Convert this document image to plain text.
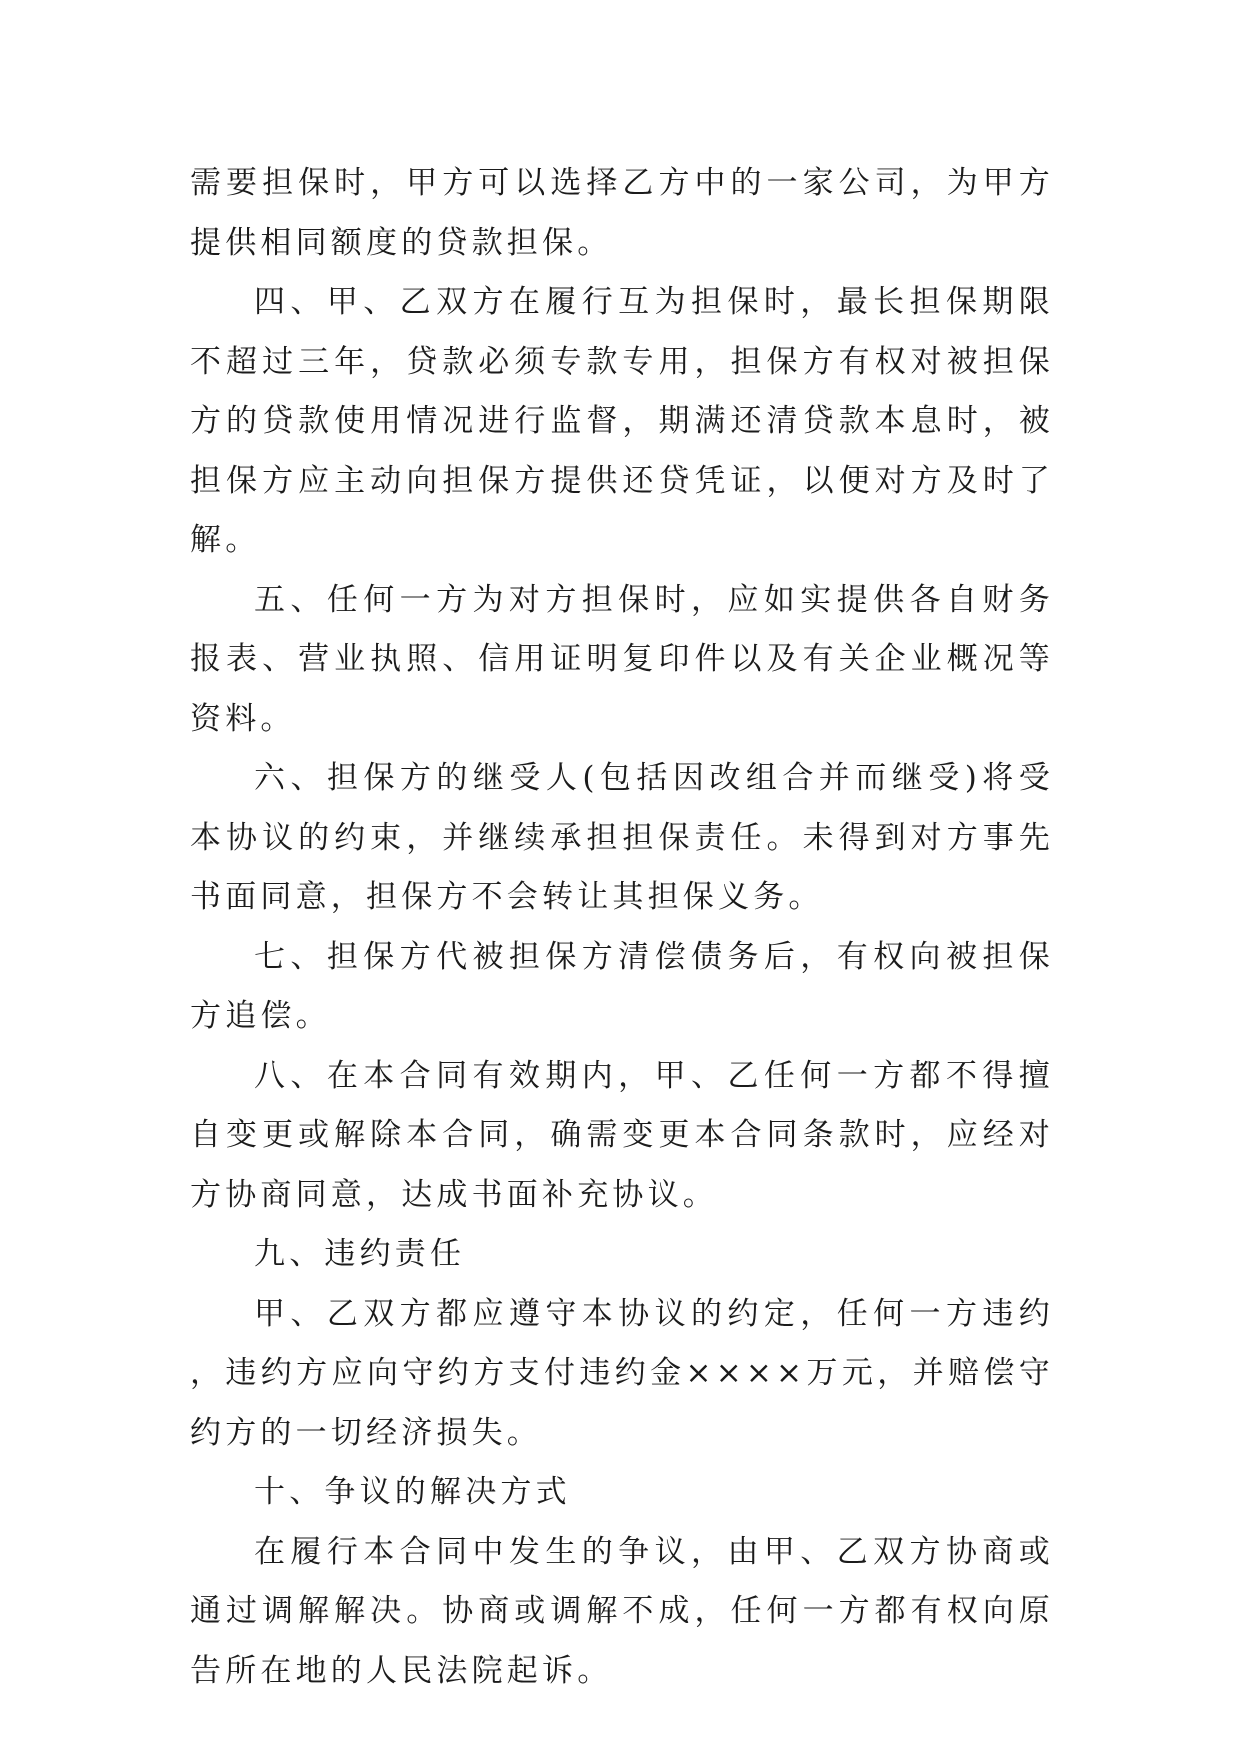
需要担保时，甲方可以选择乙方中的一家公司，为甲方提供相同额度的贷款担保。

四、甲、乙双方在履行互为担保时，最长担保期限不超过三年，贷款必须专款专用，担保方有权对被担保方的贷款使用情况进行监督，期满还清贷款本息时，被担保方应主动向担保方提供还贷凭证，以便对方及时了解。

五、任何一方为对方担保时，应如实提供各自财务报表、营业执照、信用证明复印件以及有关企业概况等资料。

六、担保方的继受人(包括因改组合并而继受)将受本协议的约束，并继续承担担保责任。未得到对方事先书面同意，担保方不会转让其担保义务。

七、担保方代被担保方清偿债务后，有权向被担保方追偿。

八、在本合同有效期内，甲、乙任何一方都不得擅自变更或解除本合同，确需变更本合同条款时，应经对方协商同意，达成书面补充协议。

九、违约责任

甲、乙双方都应遵守本协议的约定，任何一方违约，违约方应向守约方支付违约金××××万元，并赔偿守约方的一切经济损失。

十、争议的解决方式

在履行本合同中发生的争议，由甲、乙双方协商或通过调解解决。协商或调解不成，任何一方都有权向原告所在地的人民法院起诉。
